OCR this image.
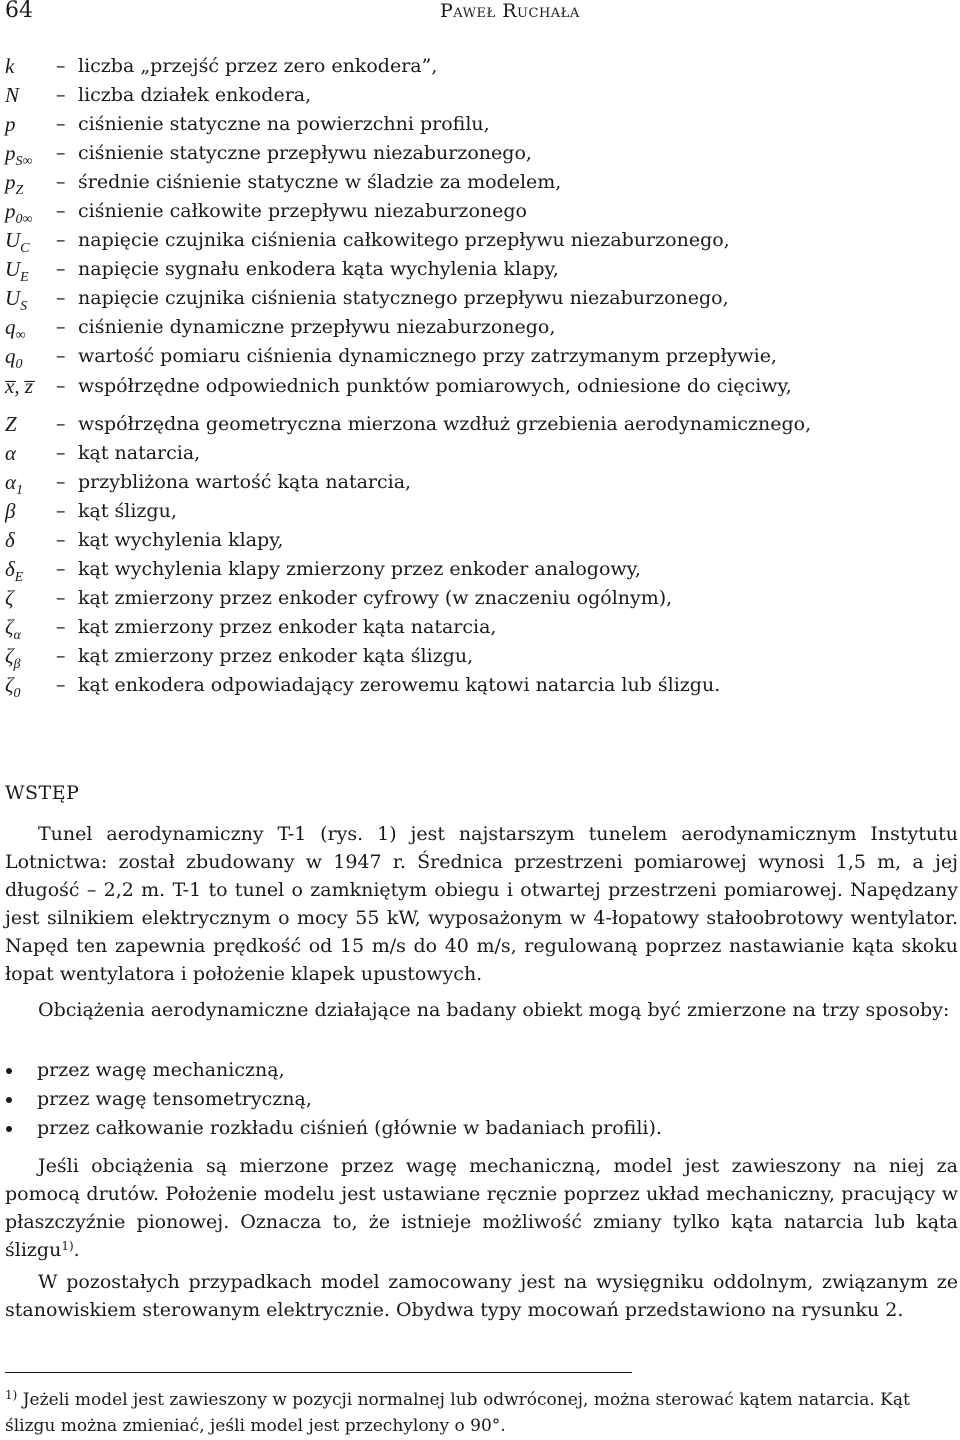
64	Paweł Ruchała
k – liczba „przejść przez zero enkodera”,
N – liczba działek enkodera,
p – ciśnienie statyczne na powierzchni profilu,
$p_{S\infty}$ – ciśnienie statyczne przepływu niezaburzonego,
$p_Z$ – średnie ciśnienie statyczne w śladzie za modelem,
$p_{0\infty}$ – ciśnienie całkowite przepływu niezaburzonego
$U_C$ – napięcie czujnika ciśnienia całkowitego przepływu niezaburzonego,
$U_E$ – napięcie sygnału enkodera kąta wychylenia klapy,
$U_S$ – napięcie czujnika ciśnienia statycznego przepływu niezaburzonego,
$q_\infty$ – ciśnienie dynamiczne przepływu niezaburzonego,
$q_0$ – wartość pomiaru ciśnienia dynamicznego przy zatrzymanym przepływie,
x̅, z̅ – współrzędne odpowiednich punktów pomiarowych, odniesione do cięciwy,
Z – współrzędna geometryczna mierzona wzdłuż grzebienia aerodynamicznego,
α – kąt natarcia,
$\alpha_1$ – przybliżona wartość kąta natarcia,
β – kąt ślizgu,
δ – kąt wychylenia klapy,
$\delta_E$ – kąt wychylenia klapy zmierzony przez enkoder analogowy,
ζ – kąt zmierzony przez enkoder cyfrowy (w znaczeniu ogólnym),
$\zeta_\alpha$ – kąt zmierzony przez enkoder kąta natarcia,
$\zeta_\beta$ – kąt zmierzony przez enkoder kąta ślizgu,
$\zeta_0$ – kąt enkodera odpowiadający zerowemu kątowi natarcia lub ślizgu.
WSTĘP

Tunel aerodynamiczny T-1 (rys. 1) jest najstarszym tunelem aerodynamicznym Instytutu Lotnictwa: został zbudowany w 1947 r. Średnica przestrzeni pomiarowej wynosi 1,5 m, a jej długość – 2,2 m. T-1 to tunel o zamkniętym obiegu i otwartej przestrzeni pomiarowej. Napędzany jest silnikiem elektrycznym o mocy 55 kW, wyposażonym w 4-łopatowy stałoobrotowy wentylator. Napęd ten zapewnia prędkość od 15 m/s do 40 m/s, regulowaną poprzez nastawianie kąta skoku łopat wentylatora i położenie klapek upustowych.

Obciążenia aerodynamiczne działające na badany obiekt mogą być zmierzone na trzy sposoby:

przez wagę mechaniczną,
przez wagę tensometryczną,
przez całkowanie rozkładu ciśnień (głównie w badaniach profili).

Jeśli obciążenia są mierzone przez wagę mechaniczną, model jest zawieszony na niej za pomocą drutów. Położenie modelu jest ustawiane ręcznie poprzez układ mechaniczny, pracujący w płaszczyźnie pionowej. Oznacza to, że istnieje możliwość zmiany tylko kąta natarcia lub kąta ślizgu$^{1)}$.

W pozostałych przypadkach model zamocowany jest na wysięgniku oddolnym, związanym ze stanowiskiem sterowanym elektrycznie. Obydwa typy mocowań przedstawiono na rysunku 2.

$^{1)}$ Jeżeli model jest zawieszony w pozycji normalnej lub odwróconej, można sterować kątem natarcia. Kąt ślizgu można zmieniać, jeśli model jest przechylony o 90°.
